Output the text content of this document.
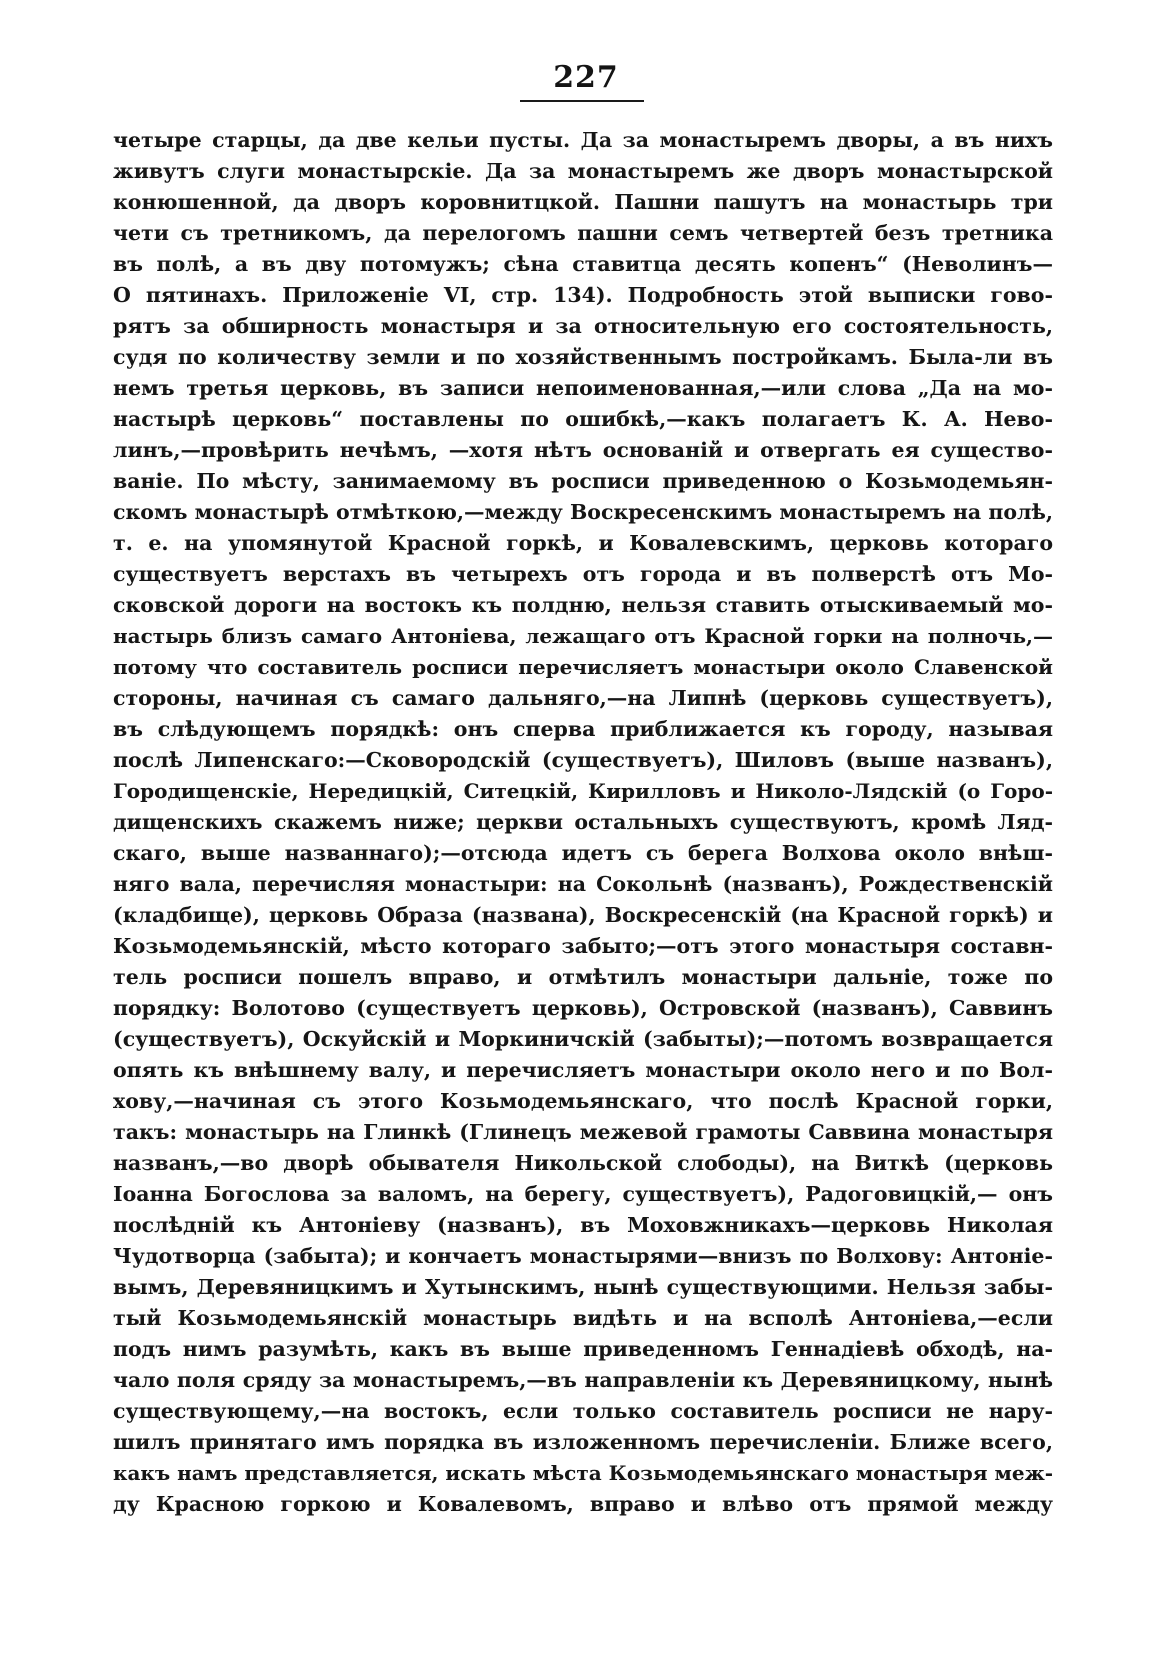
227
четыре старцы, да две кельи пусты. Да за монастыремъ дворы, а въ нихъ
живутъ слуги монастырскіе. Да за монастыремъ же дворъ монастырской
конюшенной, да дворъ коровнитцкой. Пашни пашутъ на монастырь три
чети съ третникомъ, да перелогомъ пашни семъ четвертей безъ третника
въ полѣ, а въ дву потомужъ; сѣна ставитца десять копенъ“ (Неволинъ—
О пятинахъ. Приложеніе VI, стр. 134). Подробность этой выписки гово-
рятъ за обширность монастыря и за относительную его состоятельность,
судя по количеству земли и по хозяйственнымъ постройкамъ. Была-ли въ
немъ третья церковь, въ записи непоименованная,—или слова „Да на мо-
настырѣ церковь“ поставлены по ошибкѣ,—какъ полагаетъ К. А. Нево-
линъ,—провѣрить нечѣмъ, —хотя нѣтъ основаній и отвергать ея существо-
ваніе. По мѣсту, занимаемому въ росписи приведенною о Козьмодемьян-
скомъ монастырѣ отмѣткою,—между Воскресенскимъ монастыремъ на полѣ,
т. е. на упомянутой Красной горкѣ, и Ковалевскимъ, церковь котораго
существуетъ верстахъ въ четырехъ отъ города и въ полверстѣ отъ Мо-
сковской дороги на востокъ къ полдню, нельзя ставить отыскиваемый мо-
настырь близъ самаго Антоніева, лежащаго отъ Красной горки на полночь,—
потому что составитель росписи перечисляетъ монастыри около Славенской
стороны, начиная съ самаго дальняго,—на Липнѣ (церковь существуетъ),
въ слѣдующемъ порядкѣ: онъ сперва приближается къ городу, называя
послѣ Липенскаго:—Сковородскій (существуетъ), Шиловъ (выше названъ),
Городищенскіе, Нередицкій, Ситецкій, Кирилловъ и Николо-Лядскій (о Горо-
дищенскихъ скажемъ ниже; церкви остальныхъ существуютъ, кромѣ Ляд-
скаго, выше названнаго);—отсюда идетъ съ берега Волхова около внѣш-
няго вала, перечисляя монастыри: на Сокольнѣ (названъ), Рождественскій
(кладбище), церковь Образа (названа), Воскресенскій (на Красной горкѣ) и
Козьмодемьянскій, мѣсто котораго забыто;—отъ этого монастыря составн-
тель росписи пошелъ вправо, и отмѣтилъ монастыри дальніе, тоже по
порядку: Волотово (существуетъ церковь), Островской (названъ), Саввинъ
(существуетъ), Оскуйскій и Моркиничскій (забыты);—потомъ возвращается
опять къ внѣшнему валу, и перечисляетъ монастыри около него и по Вол-
хову,—начиная съ этого Козьмодемьянскаго, что послѣ Красной горки,
такъ: монастырь на Глинкѣ (Глинецъ межевой грамоты Саввина монастыря
названъ,—во дворѣ обывателя Никольской слободы), на Виткѣ (церковь
Іоанна Богослова за валомъ, на берегу, существуетъ), Радоговицкій,— онъ
послѣдній къ Антоніеву (названъ), въ Моховжникахъ—церковь Николая
Чудотворца (забыта); и кончаетъ монастырями—внизъ по Волхову: Антоніе-
вымъ, Деревяницкимъ и Хутынскимъ, нынѣ существующими. Нельзя забы-
тый Козьмодемьянскій монастырь видѣть и на всполѣ Антоніева,—если
подъ нимъ разумѣть, какъ въ выше приведенномъ Геннадіевѣ обходѣ, на-
чало поля сряду за монастыремъ,—въ направленіи къ Деревяницкому, нынѣ
существующему,—на востокъ, если только составитель росписи не нару-
шилъ принятаго имъ порядка въ изложенномъ перечисленіи. Ближе всего,
какъ намъ представляется, искать мѣста Козьмодемьянскаго монастыря меж-
ду Красною горкою и Ковалевомъ, вправо и влѣво отъ прямой между
